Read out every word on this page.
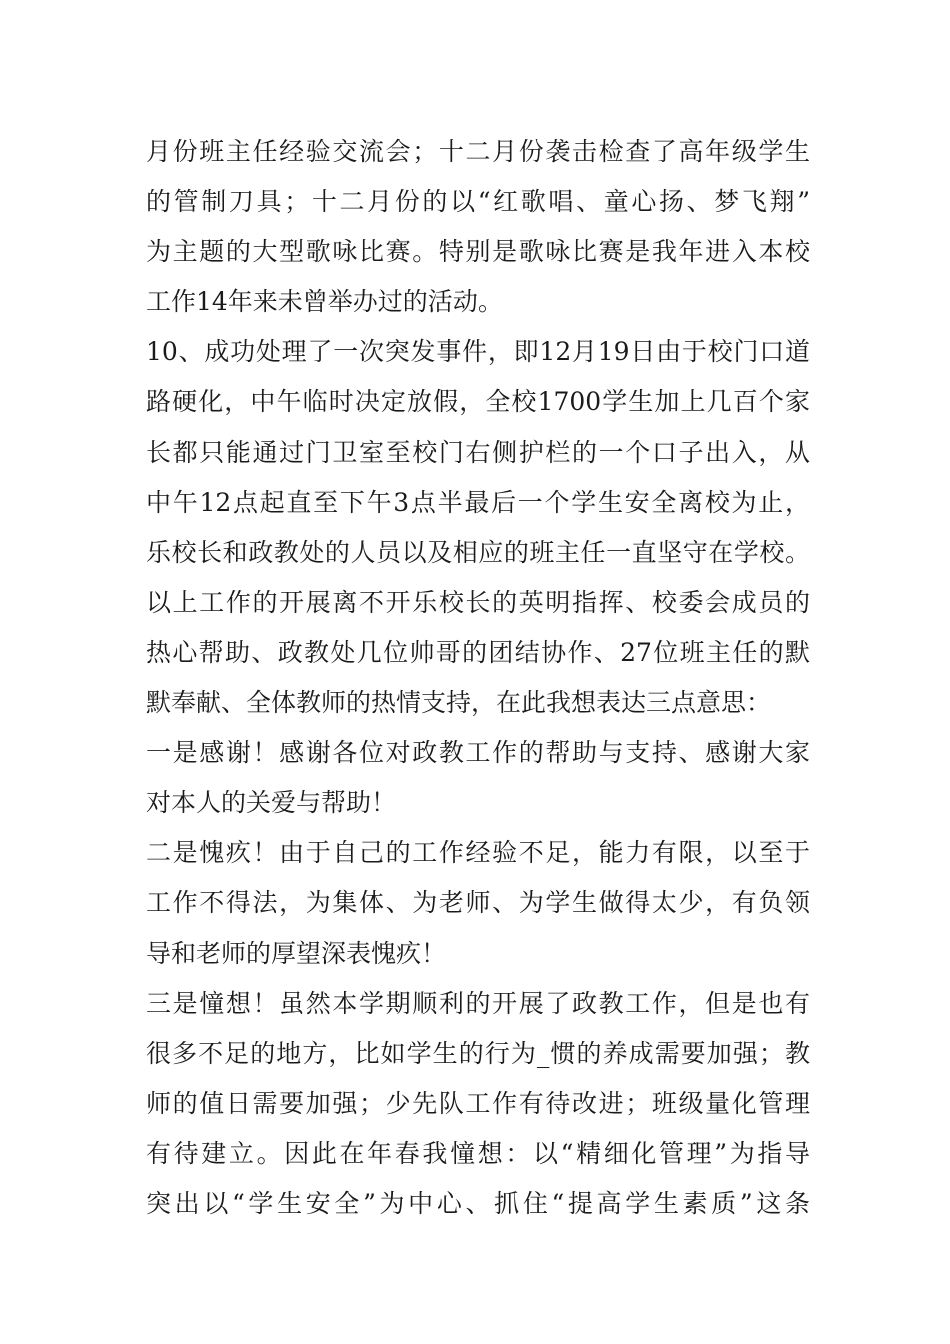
月份班主任经验交流会；十二月份袭击检查了高年级学生
的管制刀具；十二月份的以“红歌唱、童心扬、梦飞翔”
为主题的大型歌咏比赛。特别是歌咏比赛是我年进入本校
工作14年来未曾举办过的活动。
10、成功处理了一次突发事件，即12月19日由于校门口道
路硬化，中午临时决定放假，全校1700学生加上几百个家
长都只能通过门卫室至校门右侧护栏的一个口子出入，从
中午12点起直至下午3点半最后一个学生安全离校为止，
乐校长和政教处的人员以及相应的班主任一直坚守在学校。
以上工作的开展离不开乐校长的英明指挥、校委会成员的
热心帮助、政教处几位帅哥的团结协作、27位班主任的默
默奉献、全体教师的热情支持，在此我想表达三点意思：
一是感谢！感谢各位对政教工作的帮助与支持、感谢大家
对本人的关爱与帮助！
二是愧疚！由于自己的工作经验不足，能力有限，以至于
工作不得法，为集体、为老师、为学生做得太少，有负领
导和老师的厚望深表愧疚！
三是憧想！虽然本学期顺利的开展了政教工作，但是也有
很多不足的地方，比如学生的行为_惯的养成需要加强；教
师的值日需要加强；少先队工作有待改进；班级量化管理
有待建立。因此在年春我憧想：以“精细化管理”为指导
突出以“学生安全”为中心、抓住“提高学生素质”这条
